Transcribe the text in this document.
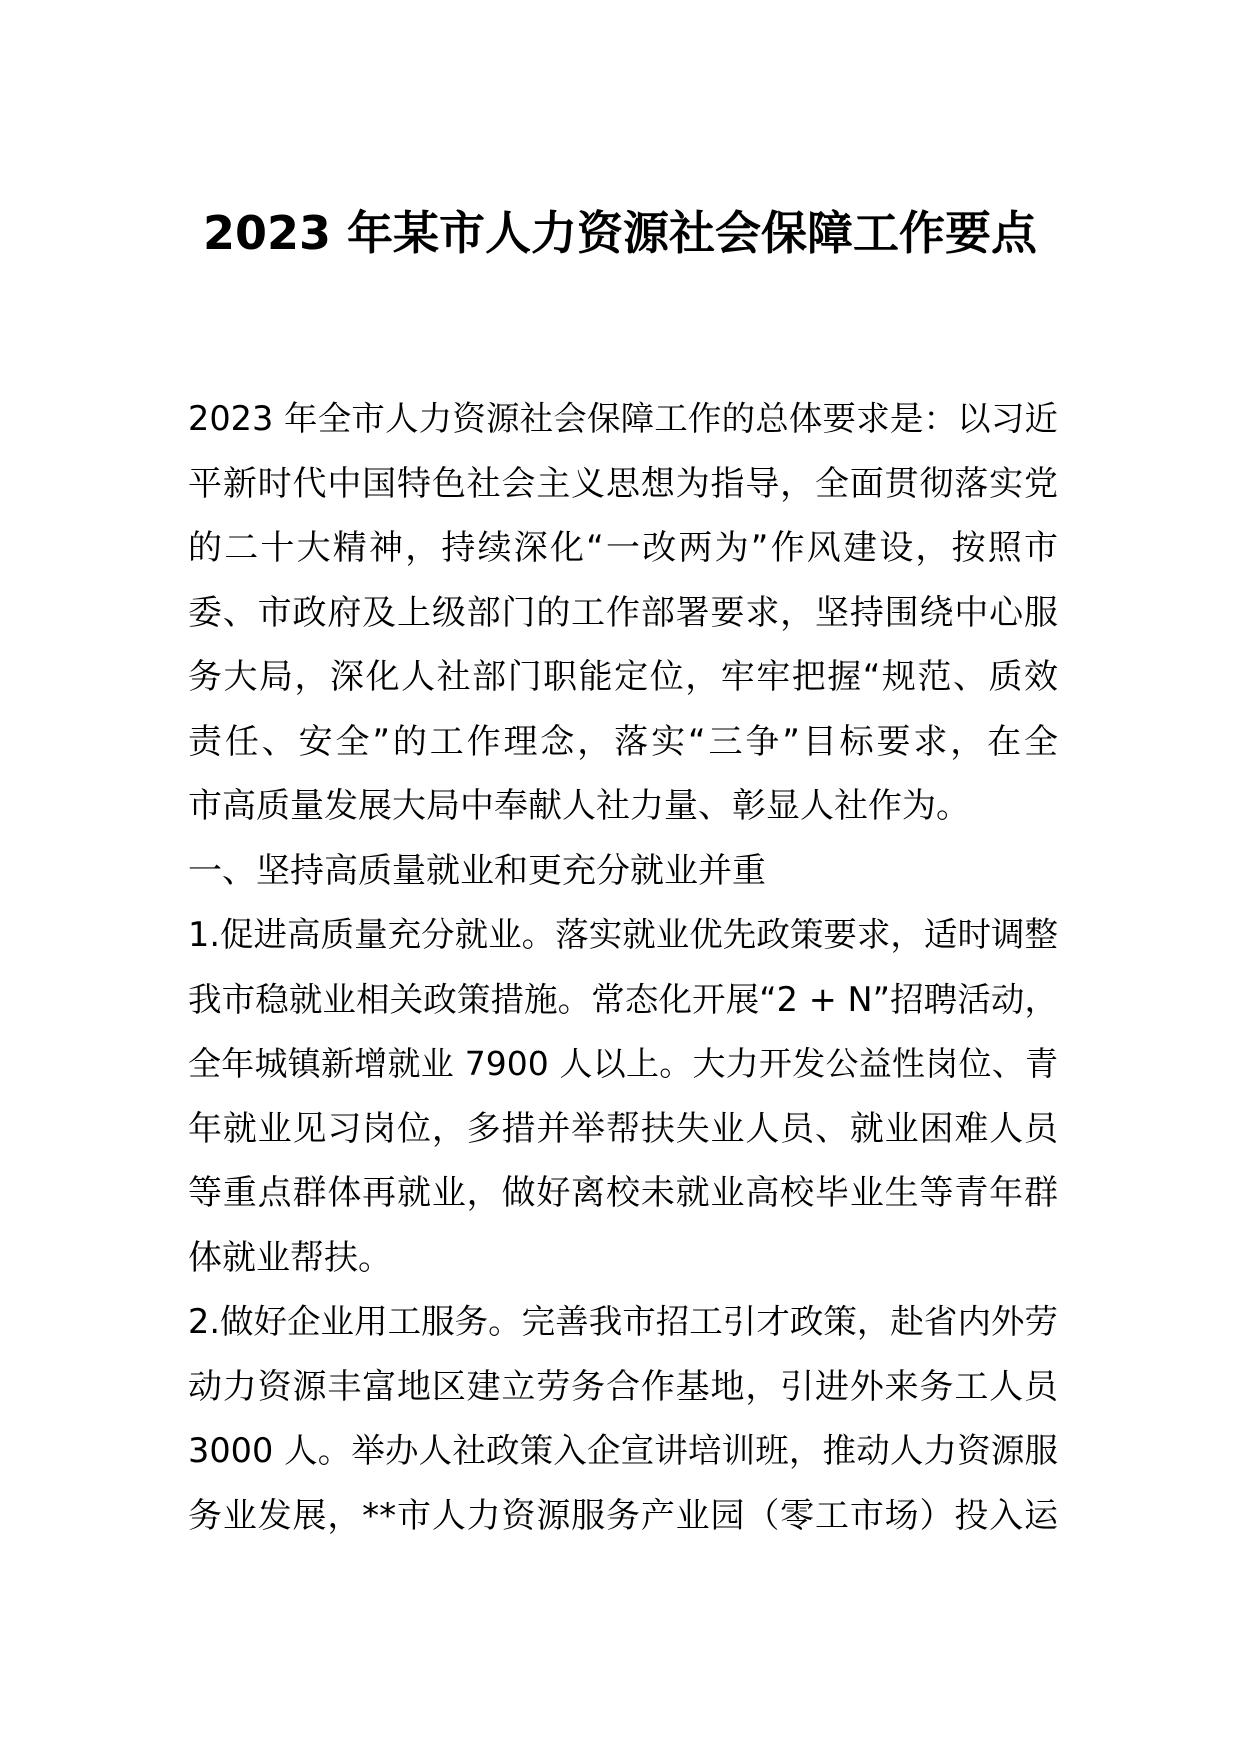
2023 年某市人力资源社会保障工作要点
2023 年全市人力资源社会保障工作的总体要求是：以习近
平新时代中国特色社会主义思想为指导，全面贯彻落实党
的二十大精神，持续深化“一改两为”作风建设，按照市
委、市政府及上级部门的工作部署要求，坚持围绕中心服
务大局，深化人社部门职能定位，牢牢把握“规范、质效
责任、安全”的工作理念，落实“三争”目标要求，在全
市高质量发展大局中奉献人社力量、彰显人社作为。
一、坚持高质量就业和更充分就业并重
1.促进高质量充分就业。落实就业优先政策要求，适时调整
我市稳就业相关政策措施。常态化开展“2 + N”招聘活动，
全年城镇新增就业 7900 人以上。大力开发公益性岗位、青
年就业见习岗位，多措并举帮扶失业人员、就业困难人员
等重点群体再就业，做好离校未就业高校毕业生等青年群
体就业帮扶。
2.做好企业用工服务。完善我市招工引才政策，赴省内外劳
动力资源丰富地区建立劳务合作基地，引进外来务工人员
3000 人。举办人社政策入企宣讲培训班，推动人力资源服
务业发展，**市人力资源服务产业园（零工市场）投入运
